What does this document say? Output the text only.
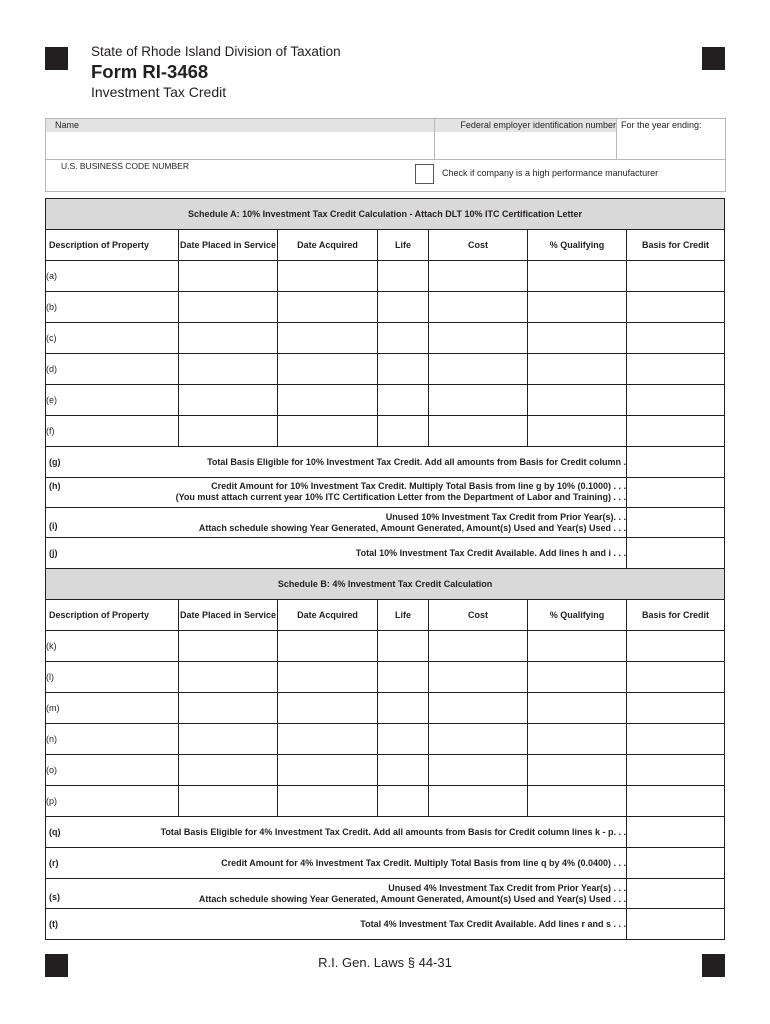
State of Rhode Island Division of Taxation
Form RI-3468
Investment Tax Credit
Name	Federal employer identification number For the year ending:
U.S. BUSINESS CODE NUMBER
Check if company is a high performance manufacturer
Schedule A: 10% Investment Tax Credit Calculation - Attach DLT 10% ITC Certification Letter						
Description of Property	Date Placed in Service	Date Acquired	Life	Cost	% Qualifying	Basis for Credit
(a)						
(b)						
(c)						
(d)						
(e)						
(f)						

(g) Total Basis Eligible for 10% Investment Tax Credit. Add all amounts from Basis for Credit column .						

(h) Credit Amount for 10% Investment Tax Credit. Multiply Total Basis from line g by 10% (0.1000) . . .
(You must attach current year 10% ITC Certification Letter from the Department of Labor and Training) . . .						

(i)
Unused 10% Investment Tax Credit from Prior Year(s). . .
Attach schedule showing Year Generated, Amount Generated, Amount(s) Used and Year(s) Used . . .						

(j) Total 10% Investment Tax Credit Available. Add lines h and i . . .						
Schedule B: 4% Investment Tax Credit Calculation						
Description of Property	Date Placed in Service	Date Acquired	Life	Cost	% Qualifying	Basis for Credit
(k)						
(l)						
(m)						
(n)						
(o)						
(p)						

(q) Total Basis Eligible for 4% Investment Tax Credit. Add all amounts from Basis for Credit column lines k - p. . .						

(r) Credit Amount for 4% Investment Tax Credit. Multiply Total Basis from line q by 4% (0.0400) . . .						

(s)
Unused 4% Investment Tax Credit from Prior Year(s) . . .
Attach schedule showing Year Generated, Amount Generated, Amount(s) Used and Year(s) Used . . .						

(t) Total 4% Investment Tax Credit Available. Add lines r and s . . .						
R.I. Gen. Laws § 44-31
